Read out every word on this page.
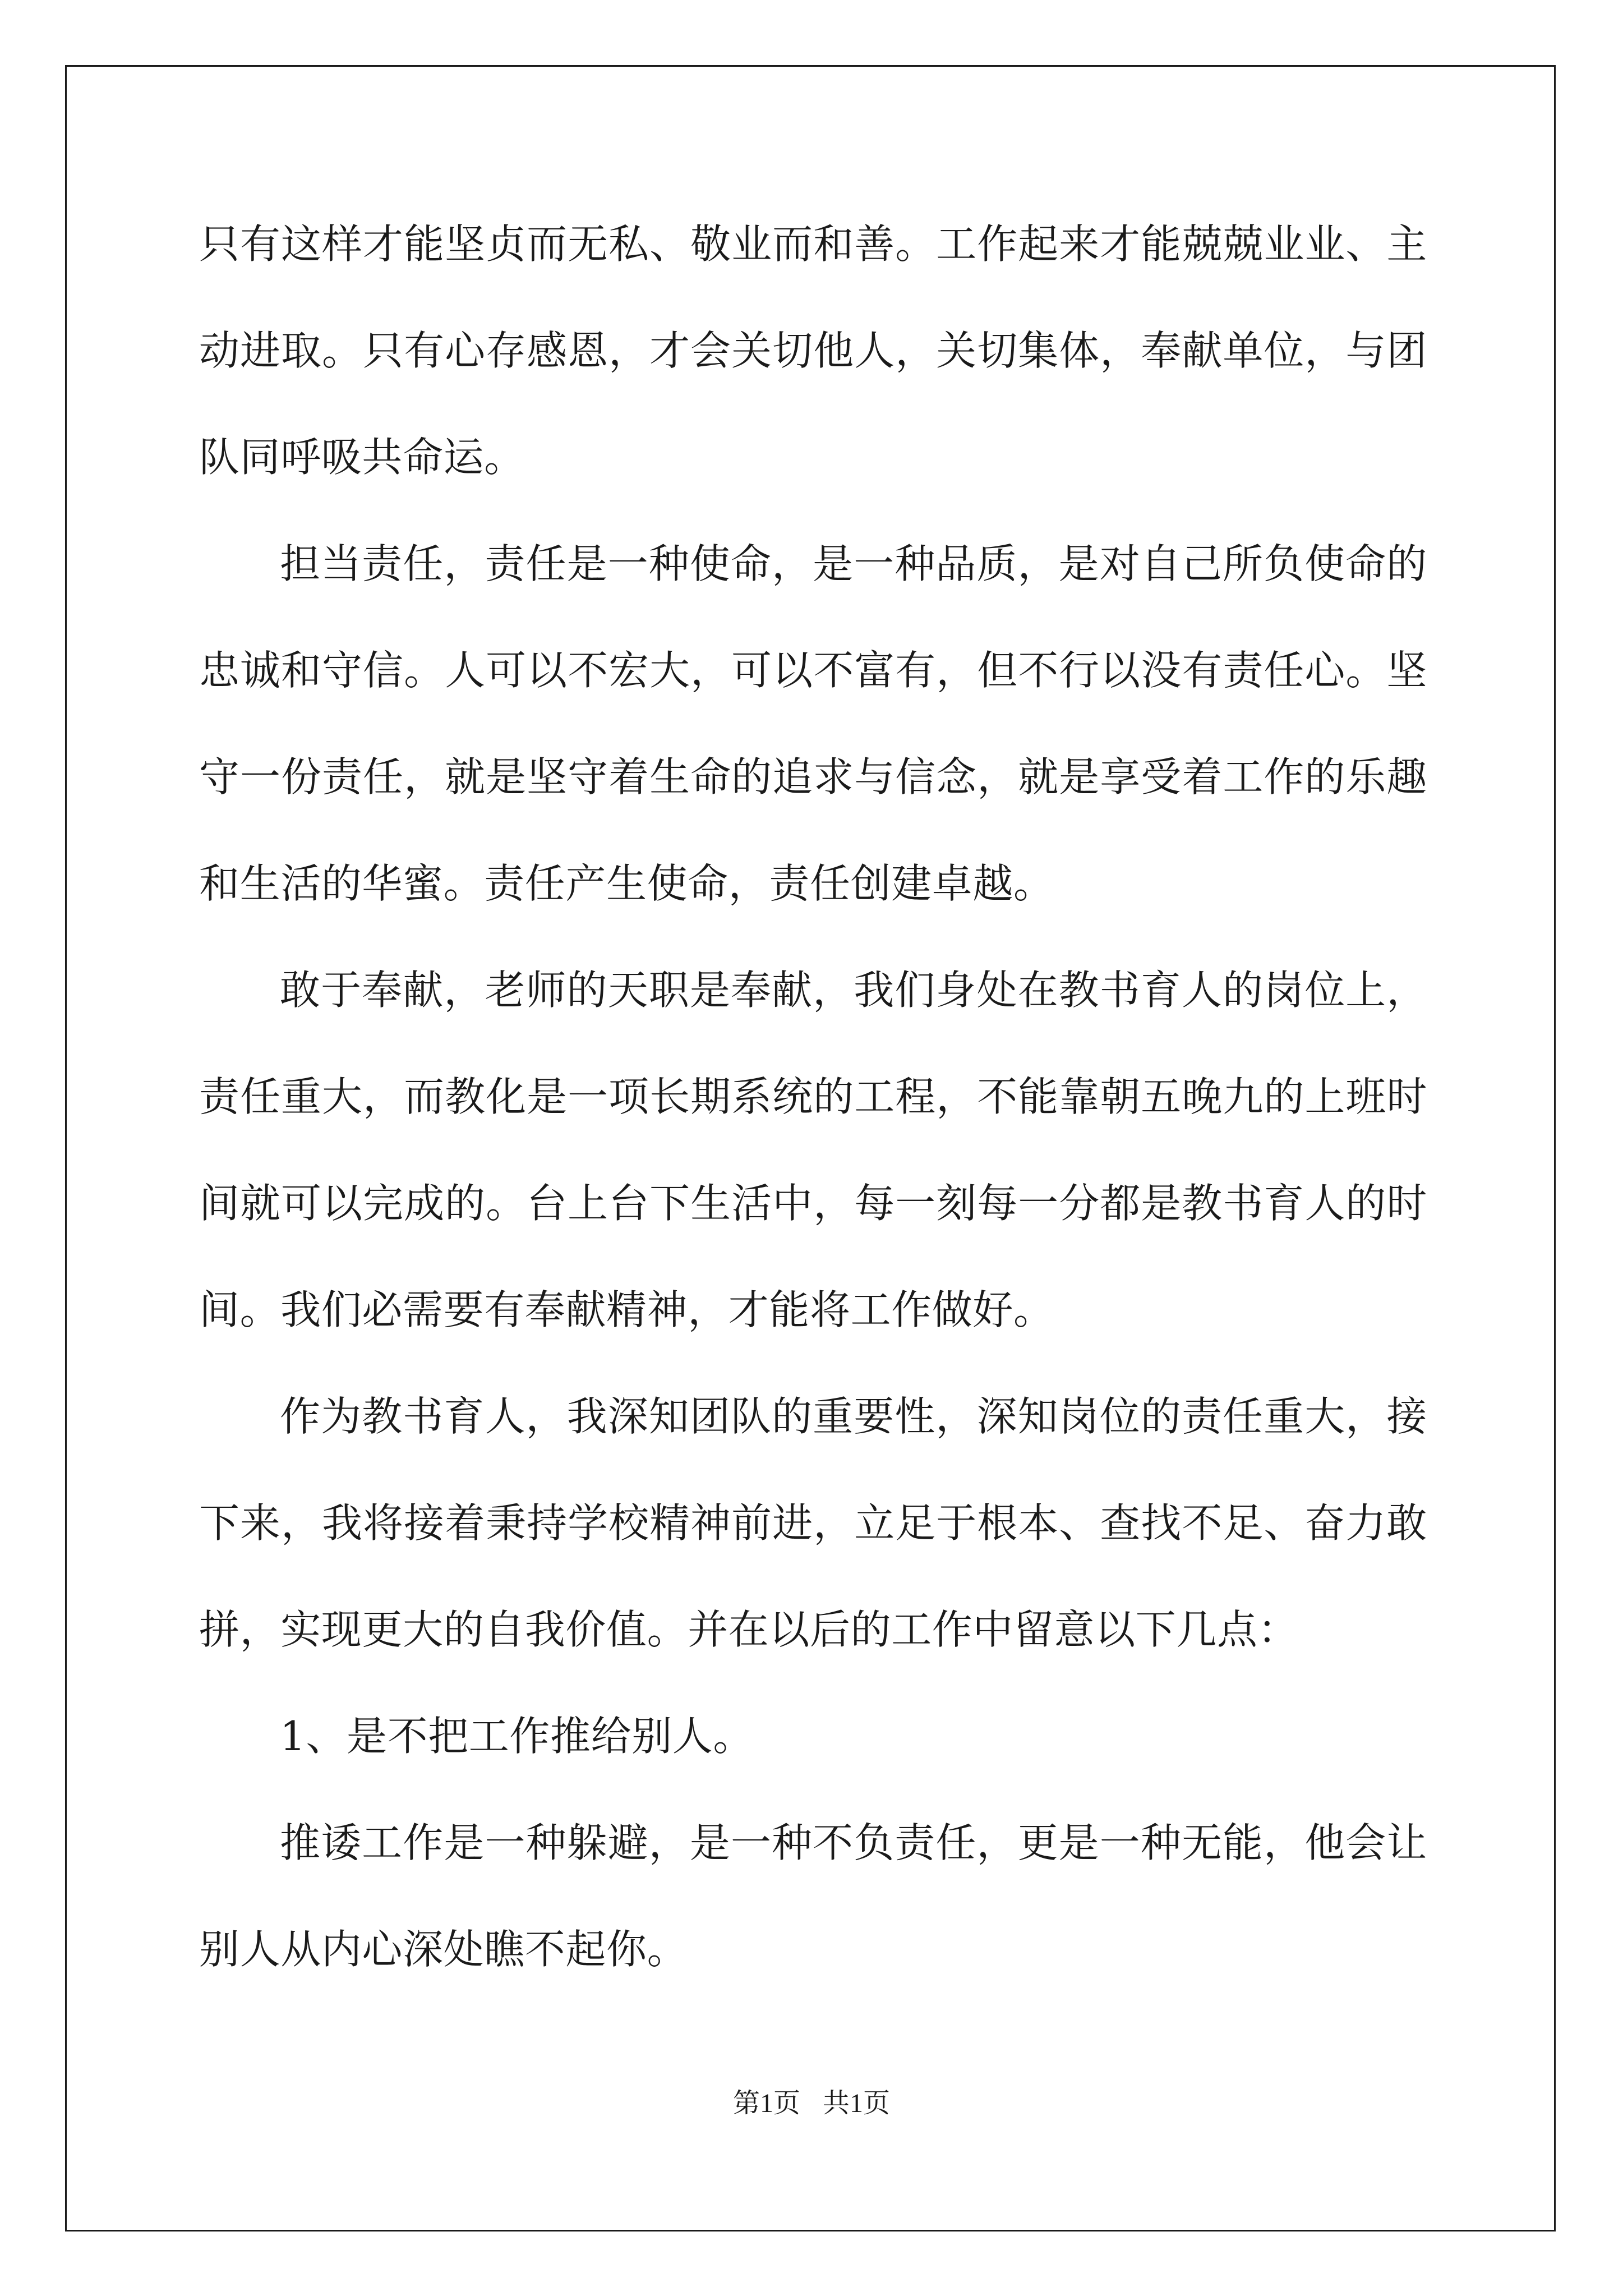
只有这样才能坚贞而无私、敬业而和善。工作起来才能兢兢业业、主动进取。只有心存感恩，才会关切他人，关切集体，奉献单位，与团队同呼吸共命运。

担当责任，责任是一种使命，是一种品质，是对自己所负使命的忠诚和守信。人可以不宏大，可以不富有，但不行以没有责任心。坚守一份责任，就是坚守着生命的追求与信念，就是享受着工作的乐趣和生活的华蜜。责任产生使命，责任创建卓越。

敢于奉献，老师的天职是奉献，我们身处在教书育人的岗位上，责任重大，而教化是一项长期系统的工程，不能靠朝五晚九的上班时间就可以完成的。台上台下生活中，每一刻每一分都是教书育人的时间。我们必需要有奉献精神，才能将工作做好。

作为教书育人，我深知团队的重要性，深知岗位的责任重大，接下来，我将接着秉持学校精神前进，立足于根本、查找不足、奋力敢拼，实现更大的自我价值。并在以后的工作中留意以下几点：

1、是不把工作推给别人。

推诿工作是一种躲避，是一种不负责任，更是一种无能，他会让别人从内心深处瞧不起你。

第1页 共1页
